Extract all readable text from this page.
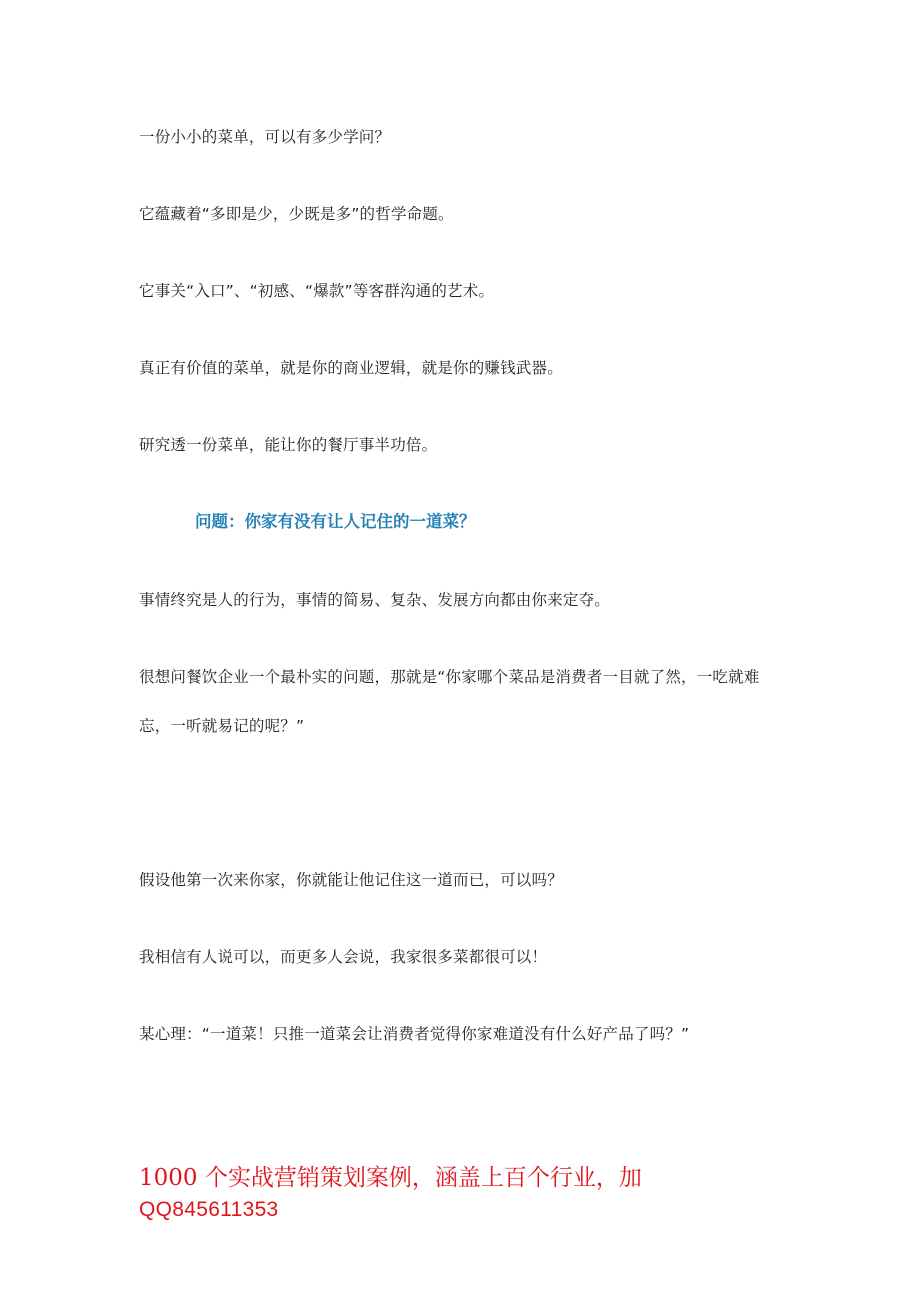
一份小小的菜单，可以有多少学问？
它蕴藏着“多即是少，少既是多”的哲学命题。
它事关“入口”、“初感、“爆款”等客群沟通的艺术。
真正有价值的菜单，就是你的商业逻辑，就是你的赚钱武器。
研究透一份菜单，能让你的餐厅事半功倍。
问题：你家有没有让人记住的一道菜？
事情终究是人的行为，事情的简易、复杂、发展方向都由你来定夺。
很想问餐饮企业一个最朴实的问题，那就是“你家哪个菜品是消费者一目就了然，一吃就难
忘，一听就易记的呢？”
假设他第一次来你家，你就能让他记住这一道而已，可以吗？
我相信有人说可以，而更多人会说，我家很多菜都很可以！
某心理：“一道菜！只推一道菜会让消费者觉得你家难道没有什么好产品了吗？”
1000 个实战营销策划案例，涵盖上百个行业，加
QQ845611353
